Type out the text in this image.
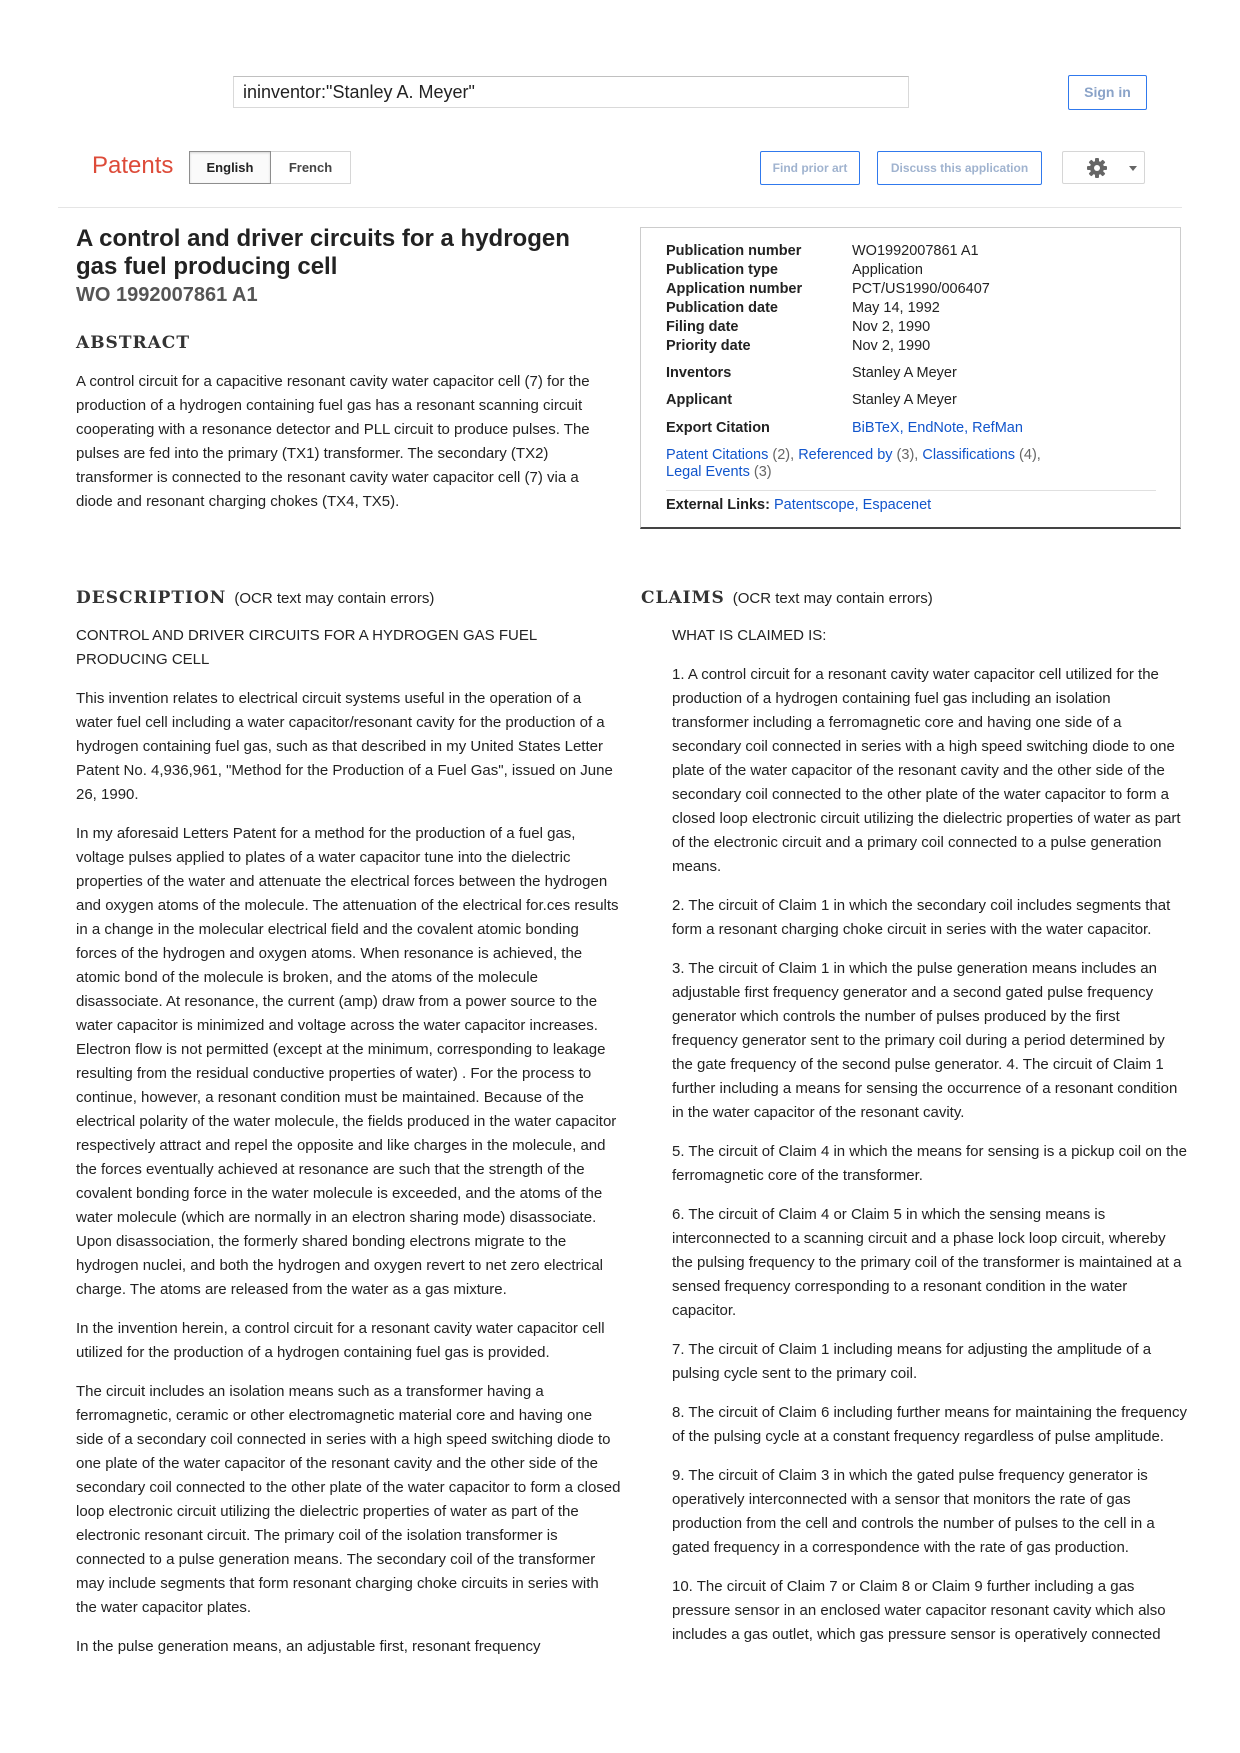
ininventor:"Stanley A. Meyer"	Sign in
Patents	English	French	Find prior art	Discuss this application
A control and driver circuits for a hydrogen gas fuel producing cell
WO 1992007861 A1
ABSTRACT
A control circuit for a capacitive resonant cavity water capacitor cell (7) for the production of a hydrogen containing fuel gas has a resonant scanning circuit cooperating with a resonance detector and PLL circuit to produce pulses. The pulses are fed into the primary (TX1) transformer. The secondary (TX2) transformer is connected to the resonant cavity water capacitor cell (7) via a diode and resonant charging chokes (TX4, TX5).
Publication number	WO1992007861 A1
Publication type	Application
Application number	PCT/US1990/006407
Publication date	May 14, 1992
Filing date	Nov 2, 1990
Priority date	Nov 2, 1990
Inventors	Stanley A Meyer
Applicant	Stanley A Meyer
Export Citation	BiBTeX, EndNote, RefMan
Patent Citations (2), Referenced by (3), Classifications (4),
Legal Events (3)
External Links: Patentscope, Espacenet
DESCRIPTION (OCR text may contain errors)

CONTROL AND DRIVER CIRCUITS FOR A HYDROGEN GAS FUEL PRODUCING CELL

This invention relates to electrical circuit systems useful in the operation of a water fuel cell including a water capacitor/resonant cavity for the production of a hydrogen containing fuel gas, such as that described in my United States Letter Patent No. 4,936,961, "Method for the Production of a Fuel Gas", issued on June 26, 1990.

In my aforesaid Letters Patent for a method for the production of a fuel gas, voltage pulses applied to plates of a water capacitor tune into the dielectric properties of the water and attenuate the electrical forces between the hydrogen and oxygen atoms of the molecule. The attenuation of the electrical for.ces results in a change in the molecular electrical field and the covalent atomic bonding forces of the hydrogen and oxygen atoms. When resonance is achieved, the atomic bond of the molecule is broken, and the atoms of the molecule disassociate. At resonance, the current (amp) draw from a power source to the water capacitor is minimized and voltage across the water capacitor increases. Electron flow is not permitted (except at the minimum, corresponding to leakage resulting from the residual conductive properties of water) . For the process to continue, however, a resonant condition must be maintained. Because of the electrical polarity of the water molecule, the fields produced in the water capacitor respectively attract and repel the opposite and like charges in the molecule, and the forces eventually achieved at resonance are such that the strength of the covalent bonding force in the water molecule is exceeded, and the atoms of the water molecule (which are normally in an electron sharing mode) disassociate. Upon disassociation, the formerly shared bonding electrons migrate to the hydrogen nuclei, and both the hydrogen and oxygen revert to net zero electrical charge. The atoms are released from the water as a gas mixture.

In the invention herein, a control circuit for a resonant cavity water capacitor cell utilized for the production of a hydrogen containing fuel gas is provided.

The circuit includes an isolation means such as a transformer having a ferromagnetic, ceramic or other electromagnetic material core and having one side of a secondary coil connected in series with a high speed switching diode to one plate of the water capacitor of the resonant cavity and the other side of the secondary coil connected to the other plate of the water capacitor to form a closed loop electronic circuit utilizing the dielectric properties of water as part of the electronic resonant circuit. The primary coil of the isolation transformer is connected to a pulse generation means. The secondary coil of the transformer may include segments that form resonant charging choke circuits in series with the water capacitor plates.

In the pulse generation means, an adjustable first, resonant frequency

CLAIMS (OCR text may contain errors)

WHAT IS CLAIMED IS:

1. A control circuit for a resonant cavity water capacitor cell utilized for the production of a hydrogen containing fuel gas including an isolation transformer including a ferromagnetic core and having one side of a secondary coil connected in series with a high speed switching diode to one plate of the water capacitor of the resonant cavity and the other side of the secondary coil connected to the other plate of the water capacitor to form a closed loop electronic circuit utilizing the dielectric properties of water as part of the electronic circuit and a primary coil connected to a pulse generation means.

2. The circuit of Claim 1 in which the secondary coil includes segments that form a resonant charging choke circuit in series with the water capacitor.

3. The circuit of Claim 1 in which the pulse generation means includes an adjustable first frequency generator and a second gated pulse frequency generator which controls the number of pulses produced by the first frequency generator sent to the primary coil during a period determined by the gate frequency of the second pulse generator. 4. The circuit of Claim 1 further including a means for sensing the occurrence of a resonant condition in the water capacitor of the resonant cavity.

5. The circuit of Claim 4 in which the means for sensing is a pickup coil on the ferromagnetic core of the transformer.

6. The circuit of Claim 4 or Claim 5 in which the sensing means is interconnected to a scanning circuit and a phase lock loop circuit, whereby the pulsing frequency to the primary coil of the transformer is maintained at a sensed frequency corresponding to a resonant condition in the water capacitor.

7. The circuit of Claim 1 including means for adjusting the amplitude of a pulsing cycle sent to the primary coil.

8. The circuit of Claim 6 including further means for maintaining the frequency of the pulsing cycle at a constant frequency regardless of pulse amplitude.

9. The circuit of Claim 3 in which the gated pulse frequency generator is operatively interconnected with a sensor that monitors the rate of gas production from the cell and controls the number of pulses to the cell in a gated frequency in a correspondence with the rate of gas production.

10. The circuit of Claim 7 or Claim 8 or Claim 9 further including a gas pressure sensor in an enclosed water capacitor resonant cavity which also includes a gas outlet, which gas pressure sensor is operatively connected
